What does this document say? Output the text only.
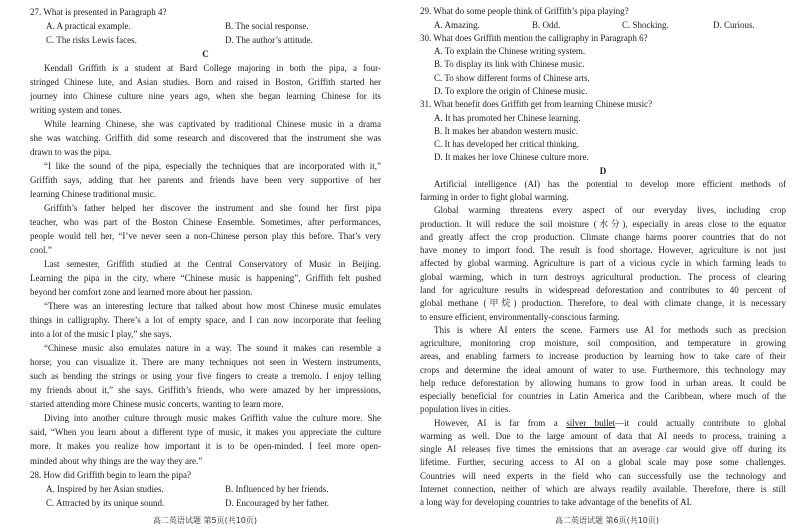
27. What is presented in Paragraph 4?
A. A practical example.	B. The social response.
C. The risks Lewis faces.	D. The author’s attitude.
C
Kendall Griffith is a student at Bard College majoring in both the pipa, a four-
stringed Chinese lute, and Asian studies. Born and raised in Boston, Griffith started her
journey into Chinese culture nine years ago, when she began learning Chinese for its
writing system and tones.
While learning Chinese, she was captivated by traditional Chinese music in a drama
she was watching. Griffith did some research and discovered that the instrument she was
drawn to was the pipa.
“I like the sound of the pipa, especially the techniques that are incorporated with it,”
Griffith says, adding that her parents and friends have been very supportive of her
learning Chinese traditional music.
Griffith’s father helped her discover the instrument and she found her first pipa
teacher, who was part of the Boston Chinese Ensemble. Sometimes, after performances,
people would tell her, “I’ve never seen a non-Chinese person play this before. That’s very
cool.”
Last semester, Griffith studied at the Central Conservatory of Music in Beijing.
Learning the pipa in the city, where “Chinese music is happening”, Griffith felt pushed
beyond her comfort zone and learned more about her passion.
“There was an interesting lecture that talked about how most Chinese music emulates
things in calligraphy. There’s a lot of empty space, and I can now incorporate that feeling
into a lot of the music I play,” she says.
“Chinese music also emulates nature in a way. The sound it makes can resemble a
horse; you can visualize it. There are many techniques not seen in Western instruments,
such as bending the strings or using your five fingers to create a tremolo. I enjoy telling
my friends about it,” she says. Griffith’s friends, who were amazed by her impressions,
started attending more Chinese music concerts, wanting to learn more.
Diving into another culture through music makes Griffith value the culture more. She
said, “When you learn about a different type of music, it makes you appreciate the culture
more. It makes you realize how important it is to be open-minded. I feel more open-
minded about why things are the way they are.”
28. How did Griffith begin to learn the pipa?
A. Inspired by her Asian studies.	B. Influenced by her friends.
C. Attracted by its unique sound.	D. Encouraged by her father.
高二英语试题 第5页(共10页)
29. What do some people think of Griffith’s pipa playing?
A. Amazing.	B. Odd.	C. Shocking.	D. Curious.
30. What does Griffith mention the calligraphy in Paragraph 6?
A. To explain the Chinese writing system.
B. To display its link with Chinese music.
C. To show different forms of Chinese arts.
D. To explore the origin of Chinese music.
31. What benefit does Griffith get from learning Chinese music?
A. It has promoted her Chinese learning.
B. It makes her abandon western music.
C. It has developed her critical thinking.
D. It makes her love Chinese culture more.
D
Artificial intelligence (AI) has the potential to develop more efficient methods of
farming in order to fight global warming.
Global warming threatens every aspect of our everyday lives, including crop
production. It will reduce the soil moisture (水分), especially in areas close to the equator
and greatly affect the crop production. Climate change harms poorer countries that do not
have money to import food. The result is food shortage. However, agriculture is not just
affected by global warming. Agriculture is part of a vicious cycle in which farming leads to
global warming, which in turn destroys agricultural production. The process of clearing
land for agriculture results in widespread deforestation and contributes to 40 percent of
global methane (甲烷) production. Therefore, to deal with climate change, it is necessary
to ensure efficient, environmentally-conscious farming.
This is where AI enters the scene. Farmers use AI for methods such as precision
agriculture, monitoring crop moisture, soil composition, and temperature in growing
areas, and enabling farmers to increase production by learning how to take care of their
crops and determine the ideal amount of water to use. Furthermore, this technology may
help reduce deforestation by allowing humans to grow food in urban areas. It could be
especially beneficial for countries in Latin America and the Caribbean, where much of the
population lives in cities.
However, AI is far from a silver bullet—it could actually contribute to global
warming as well. Due to the large amount of data that AI needs to process, training a
single AI releases five times the emissions that an average car would give off during its
lifetime. Further, securing access to AI on a global scale may pose some challenges.
Countries will need experts in the field who can successfully use the technology and
Internet connection, neither of which are always readily available. Therefore, there is still
a long way for developing countries to take advantage of the benefits of AI.
高二英语试题 第6页(共10页)
